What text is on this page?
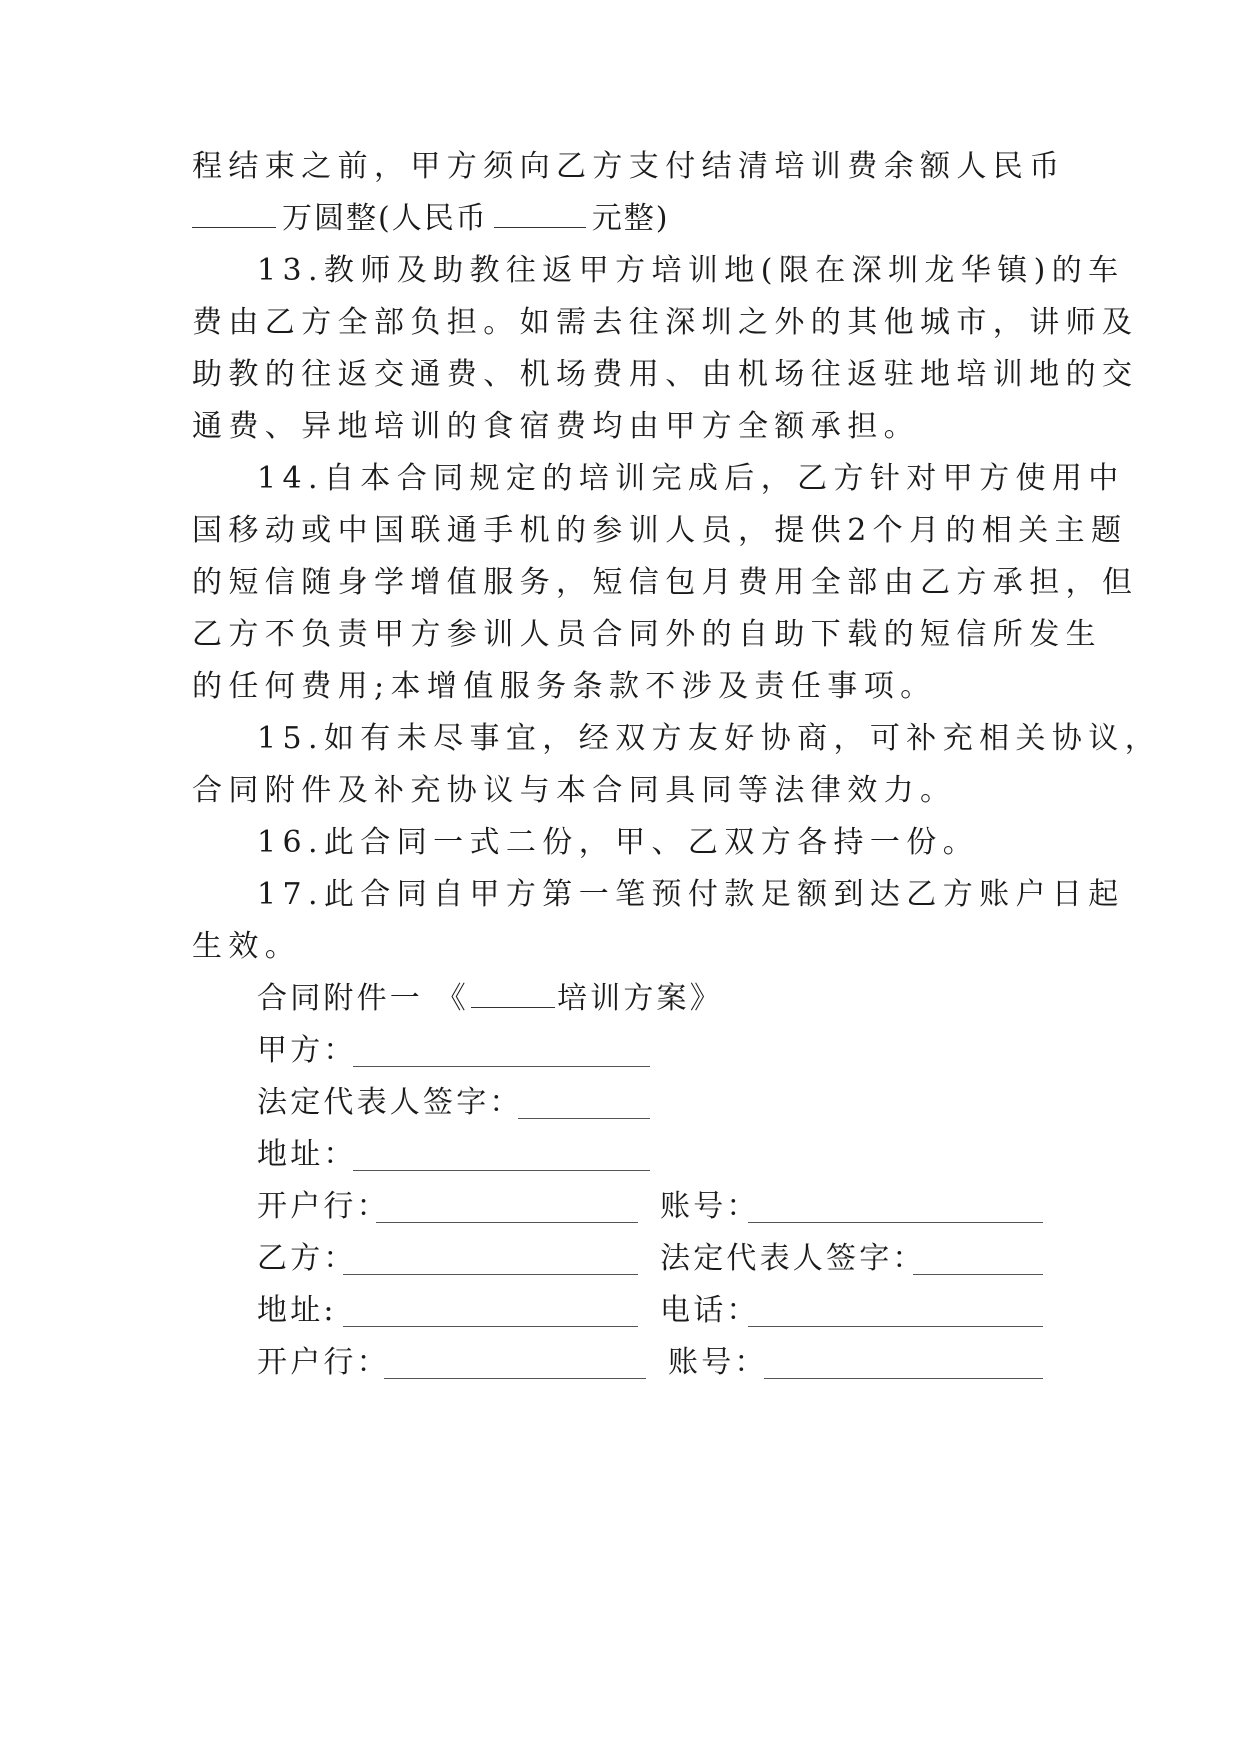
程结束之前，甲方须向乙方支付结清培训费余额人民币
万圆整(人民币	元整)
13.教师及助教往返甲方培训地(限在深圳龙华镇)的车
费由乙方全部负担。如需去往深圳之外的其他城市，讲师及
助教的往返交通费、机场费用、由机场往返驻地培训地的交
通费、异地培训的食宿费均由甲方全额承担。
14.自本合同规定的培训完成后，乙方针对甲方使用中
国移动或中国联通手机的参训人员，提供2个月的相关主题
的短信随身学增值服务，短信包月费用全部由乙方承担，但
乙方不负责甲方参训人员合同外的自助下载的短信所发生
的任何费用;本增值服务条款不涉及责任事项。
15.如有未尽事宜，经双方友好协商，可补充相关协议，
合同附件及补充协议与本合同具同等法律效力。
16.此合同一式二份，甲、乙双方各持一份。
17.此合同自甲方第一笔预付款足额到达乙方账户日起
生效。
合同附件一 《	培训方案》
甲方：
法定代表人签字：
地址：
开户行：	账号：
乙方：	法定代表人签字：
地址:	电话：
开户行：	账号：
